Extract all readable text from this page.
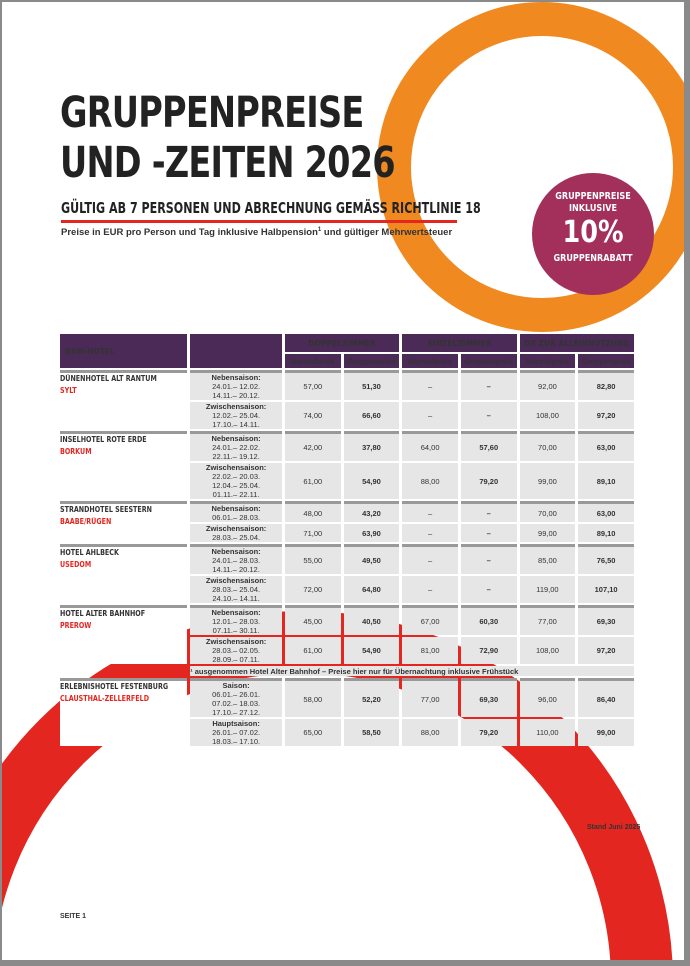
GRUPPENPREISE
UND -ZEITEN 2026
GÜLTIG AB 7 PERSONEN UND ABRECHNUNG GEMÄSS RICHTLINIE 18
Preise in EUR pro Person und Tag inklusive Halbpension$^1$ und gültiger Mehrwertsteuer
GRUPPENPREISE
INKLUSIVE
10%
GRUPPENRABATT
BSW-HOTEL		DOPPELZIMMER		EINZELZIMMER		DZ ZUR ALLEINNUTZUNG	
		Normalpreis	Gruppenpreis	Normalpreis	Gruppenpreis	Normalpreis	Gruppenpreis

DÜNENHOTEL ALT RANTUM
SYLT	Nebensaison:
24.01.– 12.02.
14.11.– 20.12.	57,00	51,30	–	–	92,00	82,80

	Zwischensaison:
12.02.– 25.04.
17.10.– 14.11.	74,00	66,60	–	–	108,00	97,20

INSELHOTEL ROTE ERDE
BORKUM	Nebensaison:
24.01.– 22.02.
22.11.– 19.12.	42,00	37,80	64,00	57,60	70,00	63,00

	Zwischensaison:
22.02.– 20.03.
12.04.– 25.04.
01.11.– 22.11.	61,00	54,90	88,00	79,20	99,00	89,10

STRANDHOTEL SEESTERN
BAABE/RÜGEN	Nebensaison:
06.01.– 28.03.	48,00	43,20	–	–	70,00	63,00

	Zwischensaison:
28.03.– 25.04.	71,00	63,90	–	–	99,00	89,10

HOTEL AHLBECK
USEDOM	Nebensaison:
24.01.– 28.03.
14.11.– 20.12.	55,00	49,50	–	–	85,00	76,50

	Zwischensaison:
28.03.– 25.04.
24.10.– 14.11.	72,00	64,80	–	–	119,00	107,10

HOTEL ALTER BAHNHOF
PREROW	Nebensaison:
12.01.– 28.03.
07.11.– 30.11.	45,00	40,50	67,00	60,30	77,00	69,30

	Zwischensaison:
28.03.– 02.05.
28.09.– 07.11.	61,00	54,90	81,00	72,90	108,00	97,20
	¹ ausgenommen Hotel Alter Bahnhof – Preise hier nur für Übernachtung inklusive Frühstück						

ERLEBNISHOTEL FESTENBURG
CLAUSTHAL-ZELLERFELD	Saison:
06.01.– 26.01.
07.02.– 18.03.
17.10.– 27.12.	58,00	52,20	77,00	69,30	96,00	86,40

	Hauptsaison:
26.01.– 07.02.
18.03.– 17.10.	65,00	58,50	88,00	79,20	110,00	99,00
Stand Juni 2025
SEITE 1
